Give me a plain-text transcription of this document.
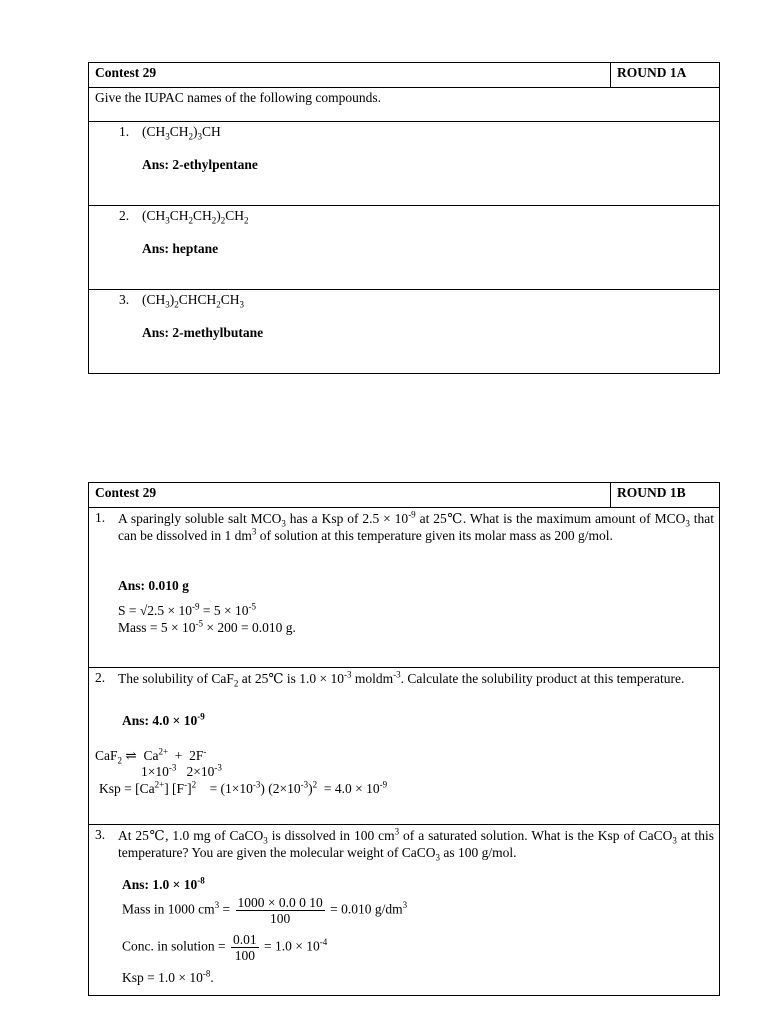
Contest 29	ROUND 1A
Give the IUPAC names of the following compounds.
1. $(CH_3CH_2)_3CH$
Ans: 2-ethylpentane
2. $(CH_3CH_2CH_2)_2CH_2$
Ans: heptane
3. $(CH_3)_2CHCH_2CH_3$
Ans: 2-methylbutane
Contest 29	ROUND 1B
1. A sparingly soluble salt $MCO_3$ has a Ksp of $2.5 \times 10^{-9}$ at 25℃. What is the maximum amount of $MCO_3$ that can be dissolved in 1 $dm^3$ of solution at this temperature given its molar mass as 200 g/mol.
Ans: 0.010 g
$S = √2.5 \times 10^{-9} = 5 \times 10^{-5}$
Mass = $5 \times 10^{-5} \times 200 = 0.010$ g.
2. The solubility of CaF$_2$ at 25℃ is $1.0 \times 10^{-3}$ moldm$^{-3}$. Calculate the solubility product at this temperature.
Ans: $4.0 \times 10^{-9}$
CaF$_2$ ⇌  $Ca^{2+} + 2F^-$
$1\times 10^{-3}$   $2\times 10^{-3}$
Ksp = $[Ca^{2+}]$ $[F^-]^2$    = $(1\times 10^{-3}) (2\times 10^{-3})^2 = 4.0 \times 10^{-9}$
3. At 25℃, 1.0 mg of CaCO$_3$ is dissolved in 100 $cm^3$ of a saturated solution. What is the Ksp of CaCO$_3$ at this temperature? You are given the molecular weight of CaCO$_3$ as 100 g/mol.
Ans: $1.0 \times 10^{-8}$
Mass in 1000 $cm^3 = \frac{1000 \times 0.0 0 10}{100} = 0.010$ $g/dm^3$
Conc. in solution = $\frac{0.01}{100} = 1.0 \times 10^{-4}$
Ksp = $1.0 \times 10^{-8}$.
